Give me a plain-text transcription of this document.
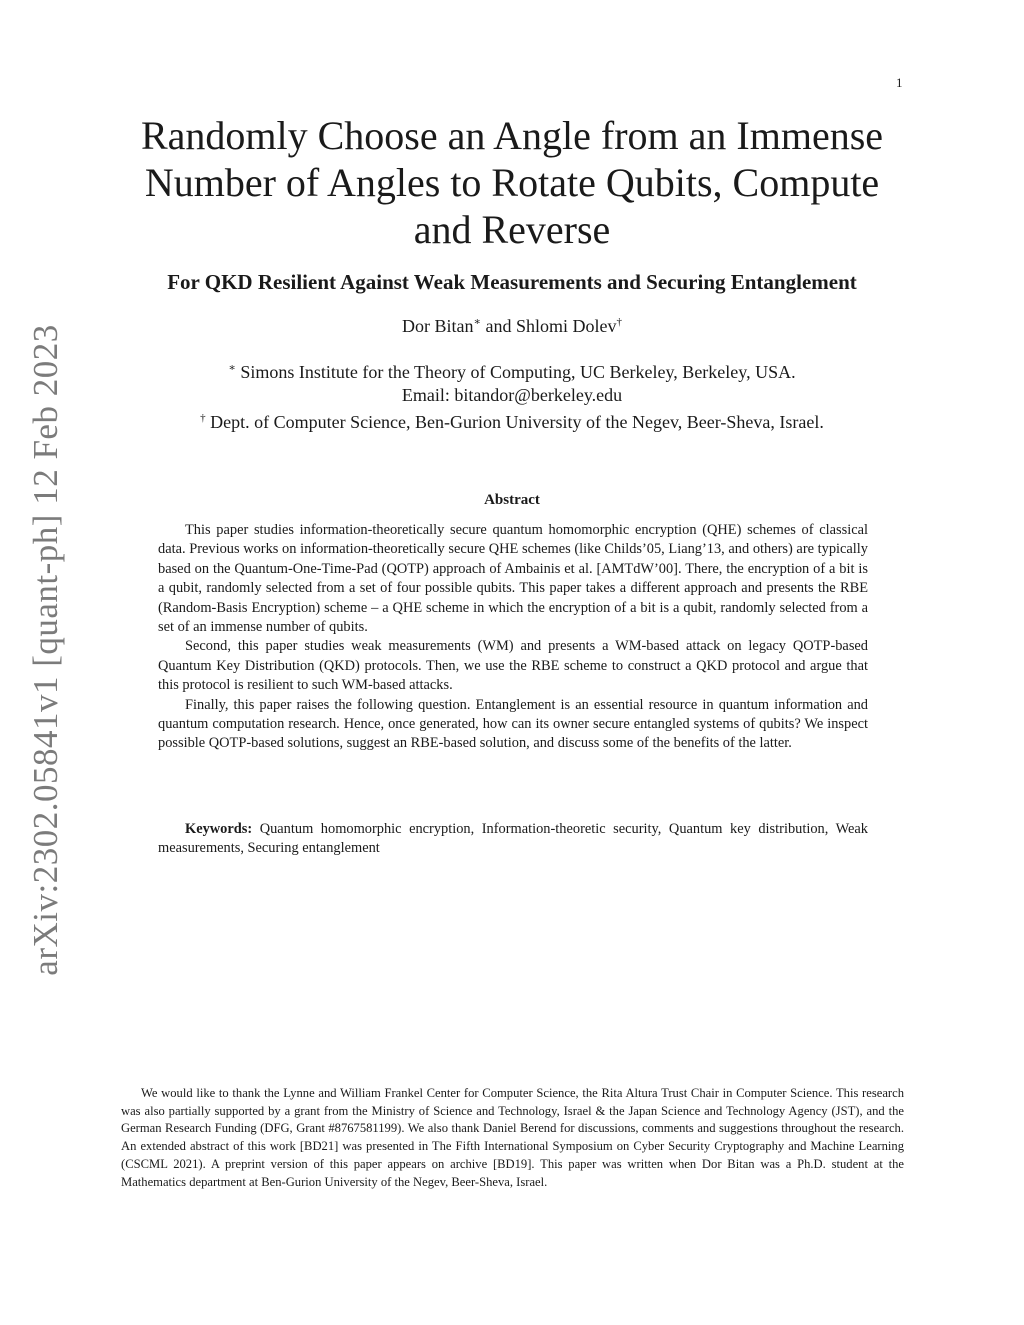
1
arXiv:2302.05841v1 [quant-ph] 12 Feb 2023
Randomly Choose an Angle from an Immense
Number of Angles to Rotate Qubits, Compute
and Reverse
For QKD Resilient Against Weak Measurements and Securing Entanglement
Dor Bitan∗ and Shlomi Dolev†
∗ Simons Institute for the Theory of Computing, UC Berkeley, Berkeley, USA.
Email: bitandor@berkeley.edu
† Dept. of Computer Science, Ben-Gurion University of the Negev, Beer-Sheva, Israel.
Abstract

This paper studies information-theoretically secure quantum homomorphic encryption (QHE) schemes of classical data. Previous works on information-theoretically secure QHE schemes (like Childs’05, Liang’13, and others) are typically based on the Quantum-One-Time-Pad (QOTP) approach of Ambainis et al. [AMTdW’00]. There, the encryption of a bit is a qubit, randomly selected from a set of four possible qubits. This paper takes a different approach and presents the RBE (Random-Basis Encryption) scheme – a QHE scheme in which the encryption of a bit is a qubit, randomly selected from a set of an immense number of qubits.

Second, this paper studies weak measurements (WM) and presents a WM-based attack on legacy QOTP-based Quantum Key Distribution (QKD) protocols. Then, we use the RBE scheme to construct a QKD protocol and argue that this protocol is resilient to such WM-based attacks.

Finally, this paper raises the following question. Entanglement is an essential resource in quantum information and quantum computation research. Hence, once generated, how can its owner secure entangled systems of qubits? We inspect possible QOTP-based solutions, suggest an RBE-based solution, and discuss some of the benefits of the latter.

Keywords: Quantum homomorphic encryption, Information-theoretic security, Quantum key distribution, Weak measurements, Securing entanglement
We would like to thank the Lynne and William Frankel Center for Computer Science, the Rita Altura Trust Chair in Computer Science. This research was also partially supported by a grant from the Ministry of Science and Technology, Israel & the Japan Science and Technology Agency (JST), and the German Research Funding (DFG, Grant #8767581199). We also thank Daniel Berend for discussions, comments and suggestions throughout the research. An extended abstract of this work [BD21] was presented in The Fifth International Symposium on Cyber Security Cryptography and Machine Learning (CSCML 2021). A preprint version of this paper appears on archive [BD19]. This paper was written when Dor Bitan was a Ph.D. student at the Mathematics department at Ben-Gurion University of the Negev, Beer-Sheva, Israel.
